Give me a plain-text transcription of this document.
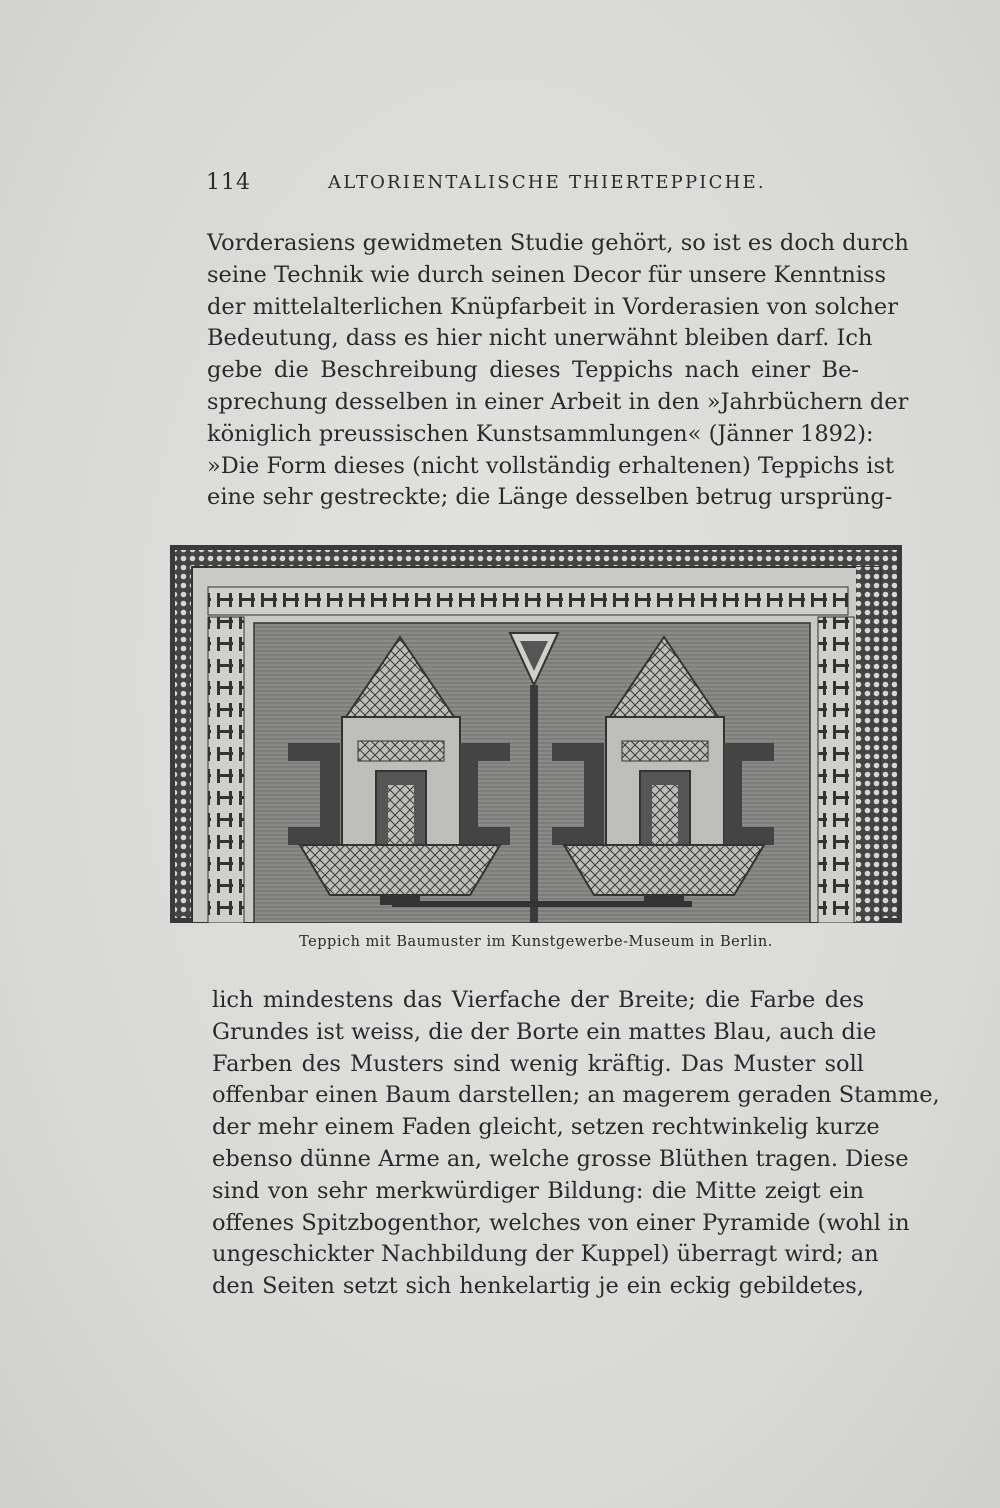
114	ALTORIENTALISCHE THIERTEPPICHE.
Vorderasiens gewidmeten Studie gehört, so ist es doch durch
seine Technik wie durch seinen Decor für unsere Kenntniss
der mittelalterlichen Knüpfarbeit in Vorderasien von solcher
Bedeutung, dass es hier nicht unerwähnt bleiben darf. Ich
gebe die Beschreibung dieses Teppichs nach einer Be-
sprechung desselben in einer Arbeit in den »Jahrbüchern der
königlich preussischen Kunstsammlungen« (Jänner 1892):
»Die Form dieses (nicht vollständig erhaltenen) Teppichs ist
eine sehr gestreckte; die Länge desselben betrug ursprüng-
Teppich mit Baumuster im Kunstgewerbe-Museum in Berlin.
lich mindestens das Vierfache der Breite; die Farbe des
Grundes ist weiss, die der Borte ein mattes Blau, auch die
Farben des Musters sind wenig kräftig. Das Muster soll
offenbar einen Baum darstellen; an magerem geraden Stamme,
der mehr einem Faden gleicht, setzen rechtwinkelig kurze
ebenso dünne Arme an, welche grosse Blüthen tragen. Diese
sind von sehr merkwürdiger Bildung: die Mitte zeigt ein
offenes Spitzbogenthor, welches von einer Pyramide (wohl in
ungeschickter Nachbildung der Kuppel) überragt wird; an
den Seiten setzt sich henkelartig je ein eckig gebildetes,
